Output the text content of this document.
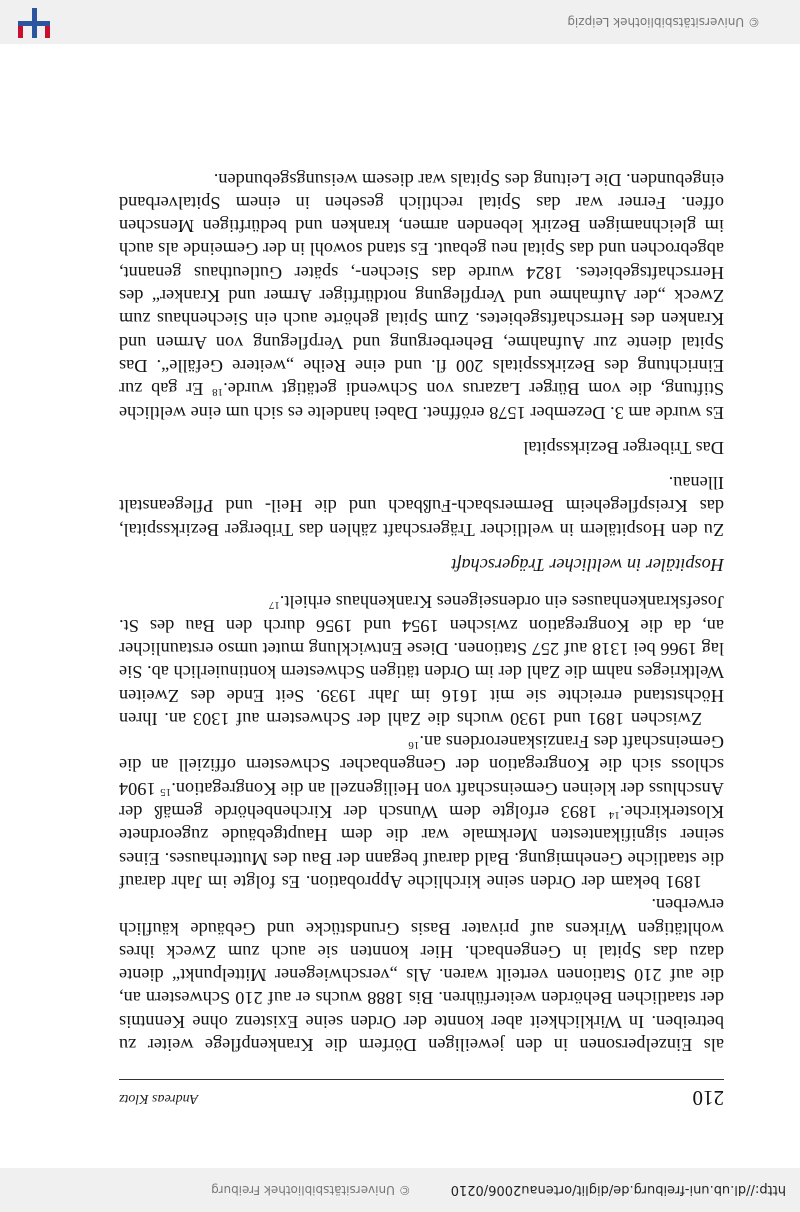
http://dl.ub.uni-freiburg.de/diglit/ortenau2006/0210
© Universitätsbibliothek Freiburg
210
Andreas Klotz

als Einzelpersonen in den jeweiligen Dörfern die Krankenpflege weiter zu betreiben. In Wirklichkeit aber konnte der Orden seine Existenz ohne Kenntnis der staatlichen Behörden weiterführen. Bis 1888 wuchs er auf 210 Schwestern an, die auf 210 Stationen verteilt waren. Als „verschwiegener Mittelpunkt“ diente dazu das Spital in Gengenbach. Hier konnten sie auch zum Zweck ihres wohltätigen Wirkens auf privater Basis Grundstücke und Gebäude käuflich erwerben.

1891 bekam der Orden seine kirchliche Approbation. Es folgte im Jahr darauf die staatliche Genehmigung. Bald darauf begann der Bau des Mutterhauses. Eines seiner signifikantesten Merkmale war die dem Hauptgebäude zugeordnete Klosterkirche.$^{14}$ 1893 erfolgte dem Wunsch der Kirchenbehörde gemäß der Anschluss der kleinen Gemeinschaft von Heiligenzell an die Kongregation.$^{15}$ 1904 schloss sich die Kongregation der Gengenbacher Schwestern offiziell an die Gemeinschaft des Franziskanerordens an.$^{16}$

Zwischen 1891 und 1930 wuchs die Zahl der Schwestern auf 1303 an. Ihren Höchststand erreichte sie mit 1616 im Jahr 1939. Seit Ende des Zweiten Weltkrieges nahm die Zahl der im Orden tätigen Schwestern kontinuierlich ab. Sie lag 1966 bei 1318 auf 257 Stationen. Diese Entwicklung mutet umso erstaunlicher an, da die Kongregation zwischen 1954 und 1956 durch den Bau des St. Josefskrankenhauses ein ordenseigenes Krankenhaus erhielt.$^{17}$

Hospitäler in weltlicher Trägerschaft

Zu den Hospitälern in weltlicher Trägerschaft zählen das Triberger Bezirksspital, das Kreispflegeheim Bermersbach-Fußbach und die Heil- und Pflegeanstalt Illenau.

Das Triberger Bezirksspital

Es wurde am 3. Dezember 1578 eröffnet. Dabei handelte es sich um eine weltliche Stiftung, die vom Bürger Lazarus von Schwendi getätigt wurde.$^{18}$ Er gab zur Einrichtung des Bezirksspitals 200 fl. und eine Reihe „weitere Gefälle“. Das Spital diente zur Aufnahme, Beherbergung und Verpflegung von Armen und Kranken des Herrschaftsgebietes. Zum Spital gehörte auch ein Siechenhaus zum Zweck „der Aufnahme und Verpflegung notdürftiger Armer und Kranker“ des Herrschaftsgebietes. 1824 wurde das Siechen-, später Gutleuthaus genannt, abgebrochen und das Spital neu gebaut. Es stand sowohl in der Gemeinde als auch im gleichnamigen Bezirk lebenden armen, kranken und bedürftigen Menschen offen. Ferner war das Spital rechtlich gesehen in einem Spitalverband eingebunden. Die Leitung des Spitals war diesem weisungsgebunden.

© Universitätsbibliothek Leipzig
